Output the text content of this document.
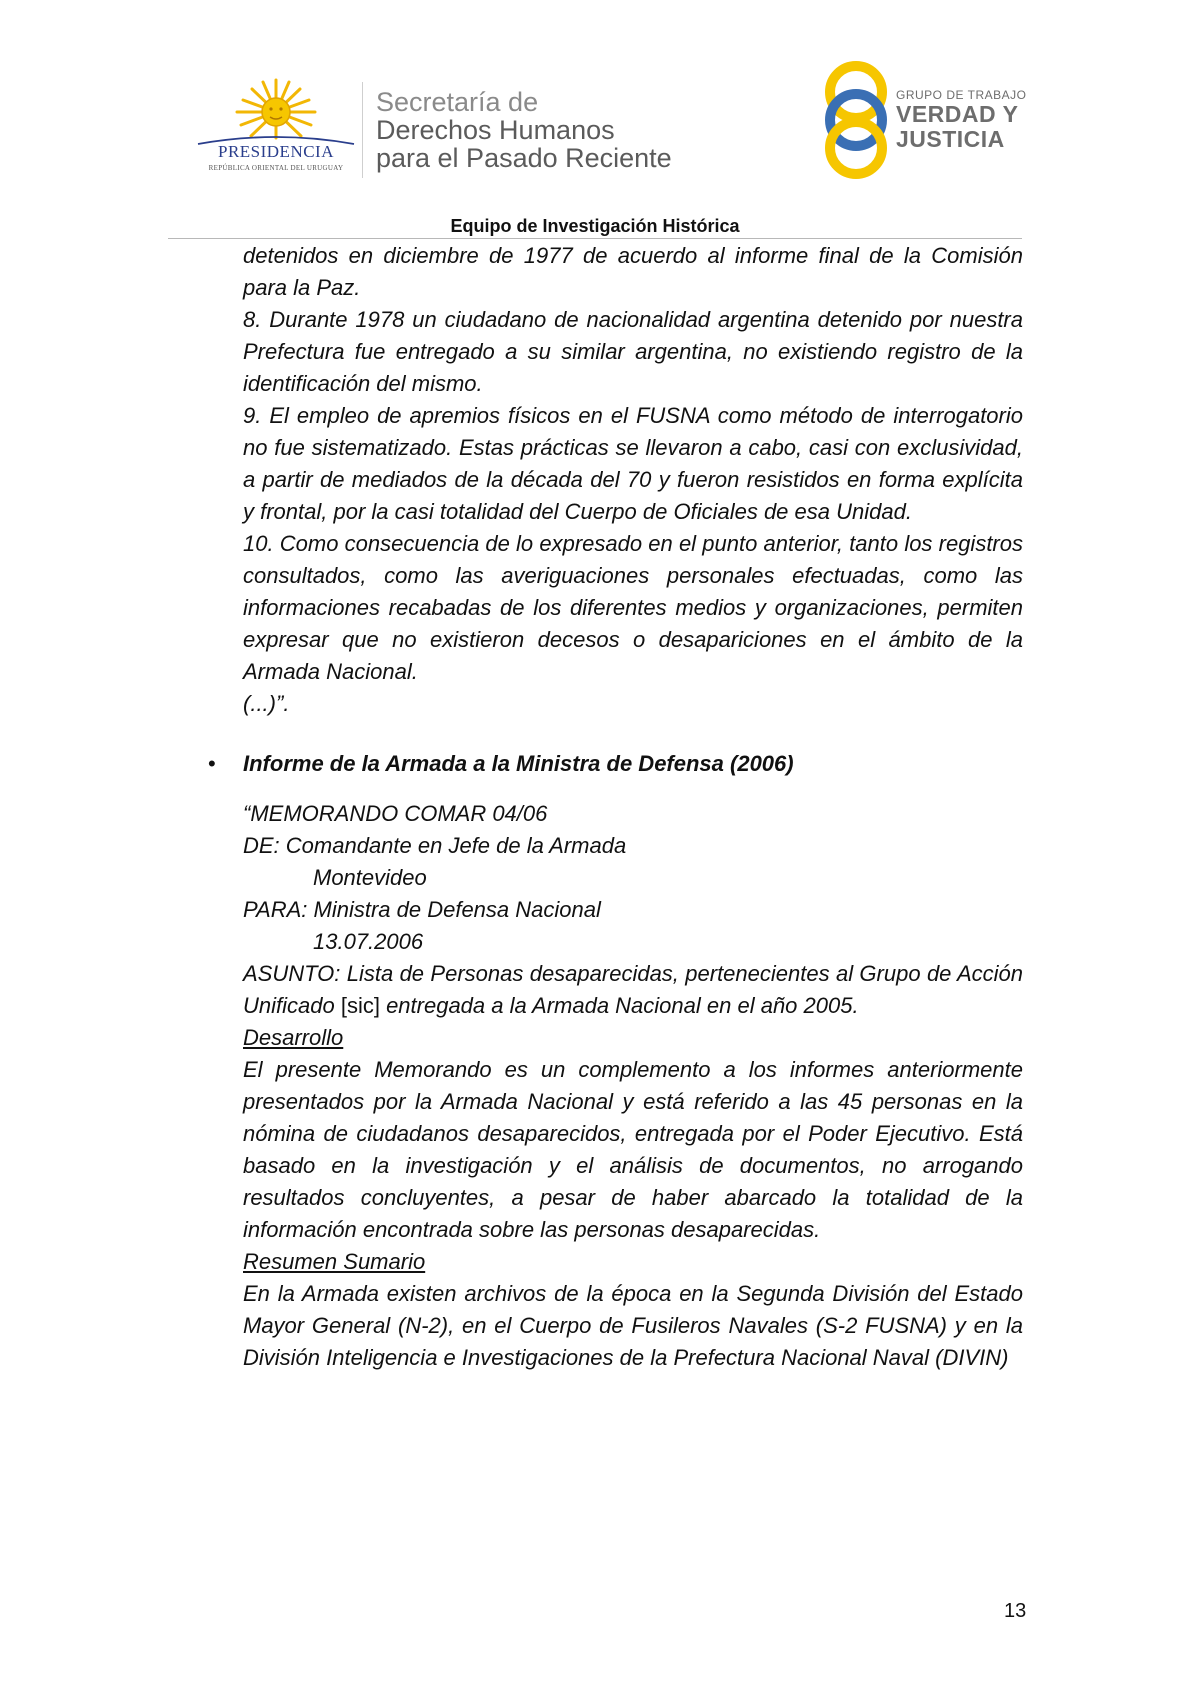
PRESIDENCIA
REPÚBLICA ORIENTAL DEL URUGUAY
Secretaría de
Derechos Humanos
para el Pasado Reciente
GRUPO DE TRABAJO
VERDAD Y
JUSTICIA
Equipo de Investigación Histórica

detenidos en diciembre de 1977 de acuerdo al informe final de la Comisión para la Paz.

8. Durante 1978 un ciudadano de nacionalidad argentina detenido por nuestra Prefectura fue entregado a su similar argentina, no existiendo registro de la identificación del mismo.

9. El empleo de apremios físicos en el FUSNA como método de interrogatorio no fue sistematizado. Estas prácticas se llevaron a cabo, casi con exclusividad, a partir de mediados de la década del 70 y fueron resistidos en forma explícita y frontal, por la casi totalidad del Cuerpo de Oficiales de esa Unidad.

10. Como consecuencia de lo expresado en el punto anterior, tanto los registros consultados, como las averiguaciones personales efectuadas, como las informaciones recabadas de los diferentes medios y organizaciones, permiten expresar que no existieron decesos o desapariciones en el ámbito de la Armada Nacional.

(...)”.

• Informe de la Armada a la Ministra de Defensa (2006)
“MEMORANDO COMAR 04/06
DE: Comandante en Jefe de la Armada
Montevideo
PARA: Ministra de Defensa Nacional
13.07.2006

ASUNTO: Lista de Personas desaparecidas, pertenecientes al Grupo de Acción Unificado [sic] entregada a la Armada Nacional en el año 2005.

Desarrollo

El presente Memorando es un complemento a los informes anteriormente presentados por la Armada Nacional y está referido a las 45 personas en la nómina de ciudadanos desaparecidos, entregada por el Poder Ejecutivo. Está basado en la investigación y el análisis de documentos, no arrogando resultados concluyentes, a pesar de haber abarcado la totalidad de la información encontrada sobre las personas desaparecidas.

Resumen Sumario

En la Armada existen archivos de la época en la Segunda División del Estado Mayor General (N-2), en el Cuerpo de Fusileros Navales (S-2 FUSNA) y en la División Inteligencia e Investigaciones de la Prefectura Nacional Naval (DIVIN)

13
